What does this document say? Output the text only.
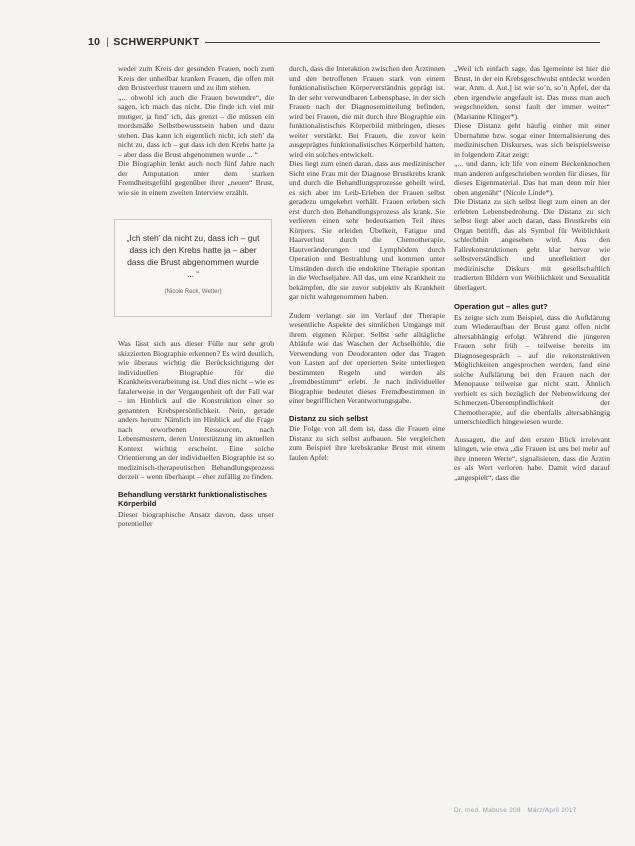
10 | SCHWERPUNKT

weder zum Kreis der gesunden Frauen, noch zum Kreis der unheilbar kranken Frauen, die offen mit den Brustverlust trauern und zu ihm stehen.

„... obwohl ich auch die Frauen bewundre“, die sagen, ich mach das nicht. Die finde ich viel mit mutiger, ja find’ ich, das grenzt – die müssen ein mordsmäße Selbstbewusstsein haben und dazu stehen. Das kann ich eigentlich nicht, ich steh’ da nicht zu, dass ich – gut dass ich den Krebs hatte ja – aber dass die Brust abgenommen wurde ... “

Die Biographin lenkt auch noch fünf Jahre nach der Amputation unter dem starken Fremdheitsgefühl gegenüber ihrer „neuen“ Brust, wie sie in einem zweiten Interview erzählt.

„Ich steh’ da nicht zu, dass ich – gut dass ich den Krebs hatte ja – aber dass die Brust abgenommen wurde ... “
(Nicole Reck, Wetter)

Was lässt sich aus dieser Fülle nur sehr grob skizzierten Biographie erkennen? Es wird deutlich, wie überaus wichtig die Berücksichtigung der individuellen Biographie für die Krankheitsverarbeitung ist. Und dies nicht – wie es fatalerweise in der Vergangenheit oft der Fall war – im Hinblick auf die Konstruktion einer so genannten Krebspersönlichkeit. Nein, gerade anders herum: Nämlich im Hinblick auf die Frage nach erworbenen Ressourcen, nach Lebensmustern, deren Unterstützung im aktuellen Kontext wichtig erscheint. Eine solche Orientierung an der individuellen Biographie ist so medizinisch-therapeutischen Behandlungsprozess derzeit – wenn überhaupt – eher zufällig zu finden.

Behandlung verstärkt funktionalistisches Körperbild

Dieser biographische Ansatz davon, dass unser potentieller

durch, dass die Interaktion zwischen den Ärztinnen und den betroffenen Frauen stark von einem funktionalistischen Körperverständnis geprägt ist. In der sehr verwundbaren Lebensphase, in der sich Frauen nach der Diagnosemitteilung befinden, wird bei Frauen, die mit durch ihre Biographie ein funktionalistisches Körperbild mitbringen, dieses weiter verstärkt. Bei Frauen, die zuvor kein ausgeprägtes funktionalistisches Körperbild hatten, wird ein solches entwickelt.

Dies liegt zum einen daran, dass aus medizinischer Sicht eine Frau mit der Diagnose Brustkrebs krank und durch die Behandlungsprozesse geheilt wird, es sich aber im Leib-Erleben der Frauen selbst geradezu umgekehrt verhält. Frauen erleben sich erst durch den Behandlungsprozess als krank. Sie verlieren einen sehr bedeutsamen Teil ihres Körpers. Sie erleiden Übelkeit, Fatigue und Haarverlust durch die Chemotherapie, Hautveränderungen und Lymphödem durch Operation und Bestrahlung und kommen unter Umständen durch die endokrine Therapie spontan in die Wechseljahre. All das, um eine Krankheit zu bekämpfen, die sie zuvor subjektiv als Krankheit gar nicht wahrgenommen haben.

Zudem verlangt sie im Verlauf der Therapie wesentliche Aspekte des sinnlichen Umgangs mit ihrem eigenen Körper. Selbst sehr alltägliche Abläufe wie das Waschen der Achselhöhle, die Verwendung von Deodoranten oder das Tragen von Lasten auf der operierten Seite unterliegen bestimmten Regeln und werden als „fremdbestimmt“ erlebt. Je nach individueller Biographie bedeutet dieses Fremdbestimmen in einer begrifflichen Verantwortungsgabe.

Distanz zu sich selbst

Die Folge von all dem ist, dass die Frauen eine Distanz zu sich selbst aufbauen. Sie vergleichen zum Beispiel ihre krebskranke Brust mit einem faulen Apfel:

„Weil ich einfach sage, das Igemeinte ist hier die Brust, in der ein Krebsgeschwulst entdeckt worden war, Anm. d. Aut.] ist wie so’n, so’n Apfel, der da eben irgendwie angefault ist. Das muss man auch wegschneiden, sonst fault der immer weiter“ (Marianne Klinger*).

Diese Distanz geht häufig einher mit einer Übernahme bzw. sogar einer Internalisierung des medizinischen Diskurses, was sich beispielsweise in folgendem Zitat zeigt:

„... und dann, ich life von einem Beckenknochen man anderen aufgeschrieben worden für dieses, für dieses Eigenmaterial. Das hat man denn mir hier oben angenäht“ (Nicole Linde*).

Die Distanz zu sich selbst liegt zum einen an der erlebten Lebensbedrohung. Die Distanz zu sich selbst liegt aber auch daran, dass Brustkrebs ein Organ betrifft, das als Symbol für Weiblichkeit schlechthin angesehen wird. Aus den Fallrekonstruktionen geht klar hervor wie selbstverständlich und unreflektiert der medizinische Diskurs mit gesellschaftlich tradierten Bildern von Weiblichkeit und Sexualität überlagert.

Operation gut – alles gut?

Es zeigte sich zum Beispiel, dass die Aufklärung zum Wiederaufbau der Brust ganz offen nicht altersabhängig erfolgt. Während die jüngeren Frauen sehr früh – teilweise bereits im Diagnosegespräch – auf die rekonstruktiven Möglichkeiten angesprochen werden, fand eine solche Aufklärung bei den Frauen nach der Menopause teilweise gar nicht statt. Ähnlich verhielt es sich bezüglich der Nebenwirkung der Schmerzen-Überempfindlichkeit der Chemotherapie, auf die ebenfalls altersabhängig unterschiedlich hingewiesen wurde.

Aussagen, die auf den ersten Blick irrelevant klingen, wie etwa „die Frauen ist uns bei mehr auf ihre inneren Werte“, signalisieren, dass die Ärztin es als Wert verloren habe. Damit wird darauf „angespielt“, dass die

Dr. med. Mabuse 208 · März/April 2017
